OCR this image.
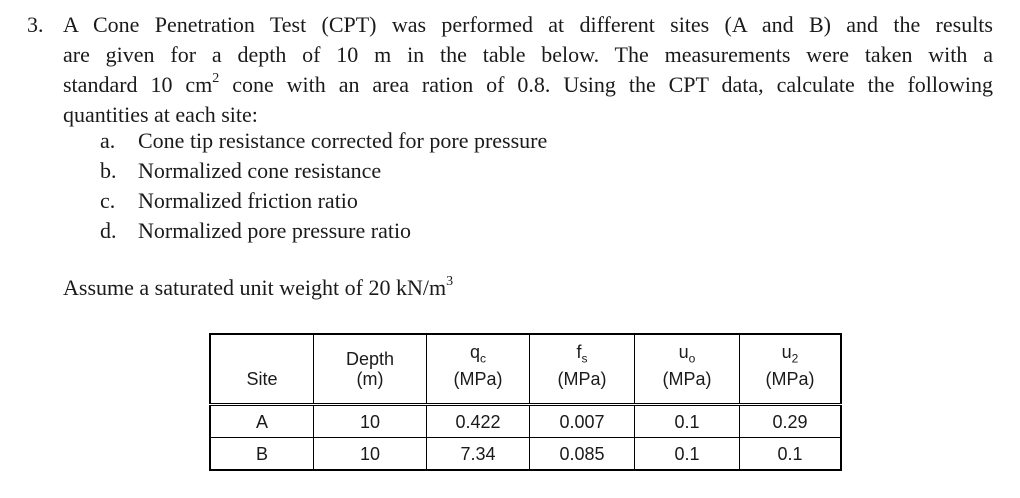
3. A Cone Penetration Test (CPT) was performed at different sites (A and B) and the results
are given for a depth of 10 m in the table below. The measurements were taken with a
standard 10 $cm^2$ cone with an area ration of 0.8. Using the CPT data, calculate the following
quantities at each site:
a. Cone tip resistance corrected for pore pressure
b. Normalized cone resistance
c. Normalized friction ratio
d. Normalized pore pressure ratio
Assume a saturated unit weight of 20 $kN/m^3$
	Depth	$q_c$	$f_s$	$u_o$	$u_2$
Site	(m)	(MPa)	(MPa)	(MPa)	(MPa)
A	10	0.422	0.007	0.1	0.29
B	10	7.34	0.085	0.1	0.1
